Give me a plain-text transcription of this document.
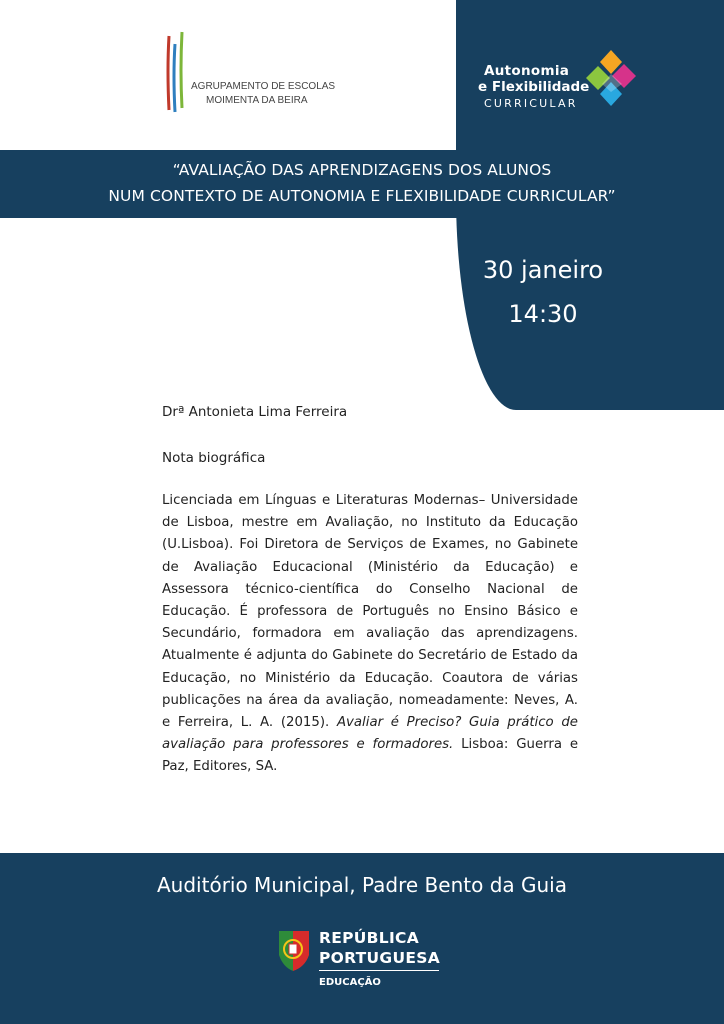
AGRUPAMENTO DE ESCOLAS
MOIMENTA DA BEIRA
Autonomia
e Flexibilidade
CURRICULAR
“AVALIAÇÃO DAS APRENDIZAGENS DOS ALUNOS
NUM CONTEXTO DE AUTONOMIA E FLEXIBILIDADE CURRICULAR”
30 janeiro
14:30
Drª Antonieta Lima Ferreira
Nota biográfica
Licenciada em Línguas e Literaturas Modernas– Universidade de Lisboa, mestre em Avaliação, no Instituto da Educação (U.Lisboa). Foi Diretora de Serviços de Exames, no Gabinete de Avaliação Educacional (Ministério da Educação) e Assessora técnico-científica do Conselho Nacional de Educação. É professora de Português no Ensino Básico e Secundário, formadora em avaliação das aprendizagens. Atualmente é adjunta do Gabinete do Secretário de Estado da Educação, no Ministério da Educação. Coautora de várias publicações na área da avaliação, nomeadamente: Neves, A. e Ferreira, L. A. (2015). Avaliar é Preciso? Guia prático de avaliação para professores e formadores. Lisboa: Guerra e Paz, Editores, SA.
Auditório Municipal, Padre Bento da Guia
REPÚBLICA
PORTUGUESA
EDUCAÇÃO
